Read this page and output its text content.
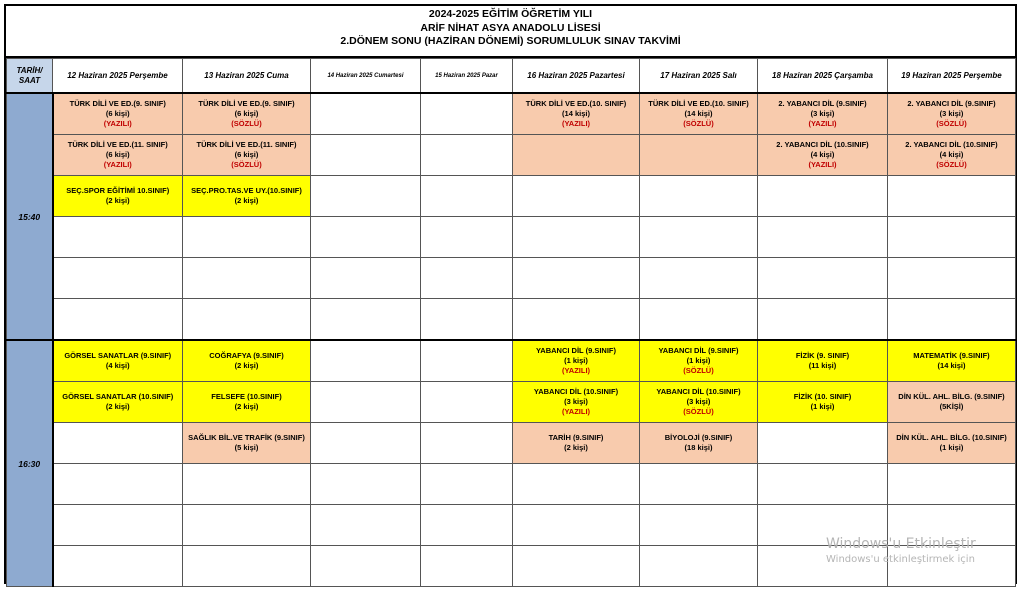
2024-2025 EĞİTİM ÖĞRETİM YILI
ARİF NİHAT ASYA ANADOLU LİSESİ
2.DÖNEM SONU (HAZİRAN DÖNEMİ) SORUMLULUK SINAV TAKVİMİ
TARİH/ SAAT	12 Haziran 2025 Perşembe	13 Haziran 2025 Cuma	14 Haziran 2025 Cumartesi	15 Haziran 2025 Pazar	16 Haziran 2025 Pazartesi	17 Haziran 2025 Salı	18 Haziran 2025 Çarşamba	19 Haziran 2025 Perşembe
15:40	TÜRK DİLİ VE ED.(9. SINIF)
(6 kişi)
(YAZILI)	TÜRK DİLİ VE ED.(9. SINIF)
(6 kişi)
(SÖZLÜ)			TÜRK DİLİ VE ED.(10. SINIF)
(14 kişi)
(YAZILI)	TÜRK DİLİ VE ED.(10. SINIF)
(14 kişi)
(SÖZLÜ)	2. YABANCI DİL (9.SINIF)
(3 kişi)
(YAZILI)	2. YABANCI DİL (9.SINIF)
(3 kişi)
(SÖZLÜ)

	TÜRK DİLİ VE ED.(11. SINIF)
(6 kişi)
(YAZILI)	TÜRK DİLİ VE ED.(11. SINIF)
(6 kişi)
(SÖZLÜ)					2. YABANCI DİL (10.SINIF)
(4 kişi)
(YAZILI)	2. YABANCI DİL (10.SINIF)
(4 kişi)
(SÖZLÜ)

	SEÇ.SPOR EĞİTİMİ 10.SINIF)
(2 kişi)	SEÇ.PRO.TAS.VE UY.(10.SINIF)
(2 kişi)						

16:30	GÖRSEL SANATLAR (9.SINIF)
(4 kişi)	COĞRAFYA (9.SINIF)
(2 kişi)			YABANCI DİL (9.SINIF)
(1 kişi)
(YAZILI)	YABANCI DİL (9.SINIF)
(1 kişi)
(SÖZLÜ)	FİZİK (9. SINIF)
(11 kişi)	MATEMATİK (9.SINIF)
(14 kişi)

	GÖRSEL SANATLAR (10.SINIF)
(2 kişi)	FELSEFE (10.SINIF)
(2 kişi)			YABANCI DİL (10.SINIF)
(3 kişi)
(YAZILI)	YABANCI DİL (10.SINIF)
(3 kişi)
(SÖZLÜ)	FİZİK (10. SINIF)
(1 kişi)	DİN KÜL. AHL. BİLG. (9.SINIF)
(5KİŞİ)

		SAĞLIK BİL.VE TRAFİK (9.SINIF)
(5 kişi)			TARİH (9.SINIF)
(2 kişi)	BİYOLOJİ (9.SINIF)
(18 kişi)		DİN KÜL. AHL. BİLG. (10.SINIF)
(1 kişi)

Windows'u Etkinleştir
Windows'u etkinleştirmek için
